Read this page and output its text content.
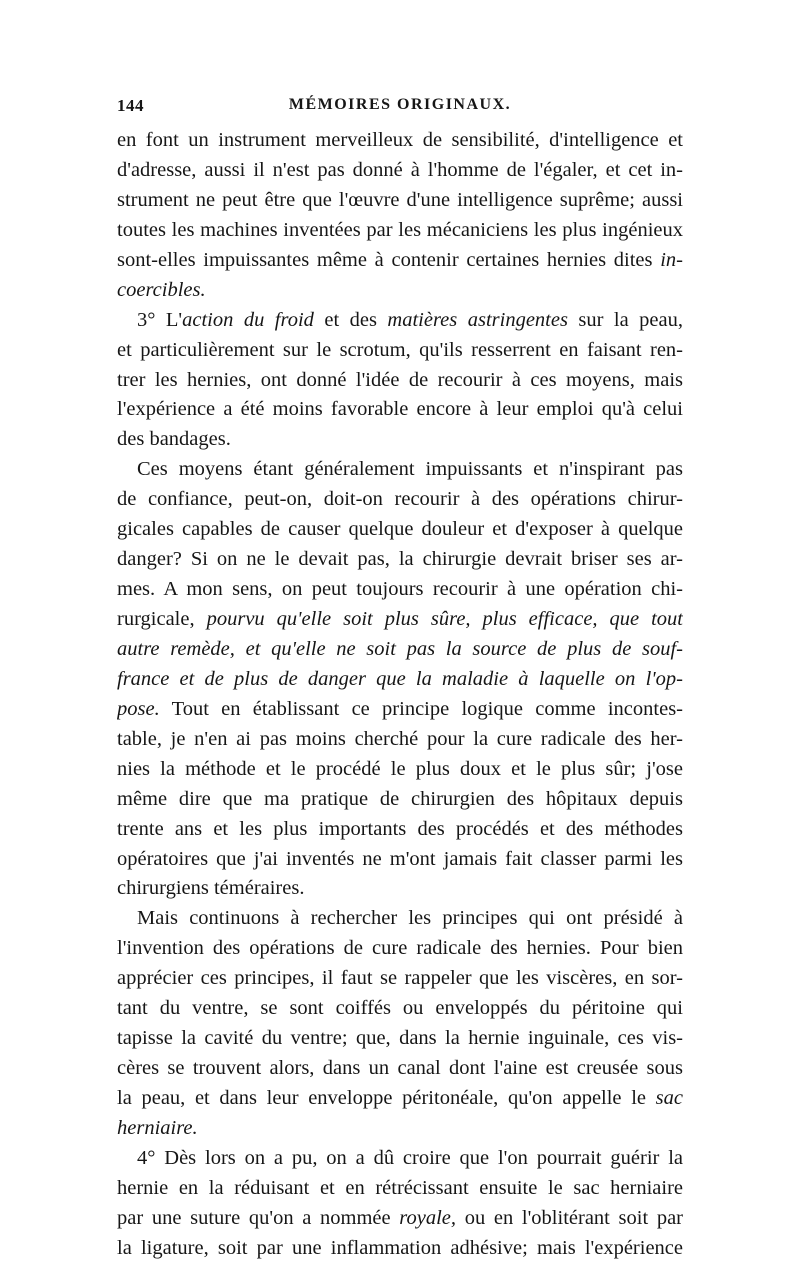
144	MÉMOIRES ORIGINAUX.
en font un instrument merveilleux de sensibilité, d'intelligence et
d'adresse, aussi il n'est pas donné à l'homme de l'égaler, et cet in-
strument ne peut être que l'œuvre d'une intelligence suprême; aussi
toutes les machines inventées par les mécaniciens les plus ingénieux
sont-elles impuissantes même à contenir certaines hernies dites in-
coercibles.
3° L'action du froid et des matières astringentes sur la peau,
et particulièrement sur le scrotum, qu'ils resserrent en faisant ren-
trer les hernies, ont donné l'idée de recourir à ces moyens, mais
l'expérience a été moins favorable encore à leur emploi qu'à celui
des bandages.
Ces moyens étant généralement impuissants et n'inspirant pas
de confiance, peut-on, doit-on recourir à des opérations chirur-
gicales capables de causer quelque douleur et d'exposer à quelque
danger? Si on ne le devait pas, la chirurgie devrait briser ses ar-
mes. A mon sens, on peut toujours recourir à une opération chi-
rurgicale, pourvu qu'elle soit plus sûre, plus efficace, que tout
autre remède, et qu'elle ne soit pas la source de plus de souf-
france et de plus de danger que la maladie à laquelle on l'op-
pose. Tout en établissant ce principe logique comme incontes-
table, je n'en ai pas moins cherché pour la cure radicale des her-
nies la méthode et le procédé le plus doux et le plus sûr; j'ose
même dire que ma pratique de chirurgien des hôpitaux depuis
trente ans et les plus importants des procédés et des méthodes
opératoires que j'ai inventés ne m'ont jamais fait classer parmi les
chirurgiens téméraires.
Mais continuons à rechercher les principes qui ont présidé à
l'invention des opérations de cure radicale des hernies. Pour bien
apprécier ces principes, il faut se rappeler que les viscères, en sor-
tant du ventre, se sont coiffés ou enveloppés du péritoine qui
tapisse la cavité du ventre; que, dans la hernie inguinale, ces vis-
cères se trouvent alors, dans un canal dont l'aine est creusée sous
la peau, et dans leur enveloppe péritonéale, qu'on appelle le sac
herniaire.
4° Dès lors on a pu, on a dû croire que l'on pourrait guérir la
hernie en la réduisant et en rétrécissant ensuite le sac herniaire
par une suture qu'on a nommée royale, ou en l'oblitérant soit par
la ligature, soit par une inflammation adhésive; mais l'expérience
